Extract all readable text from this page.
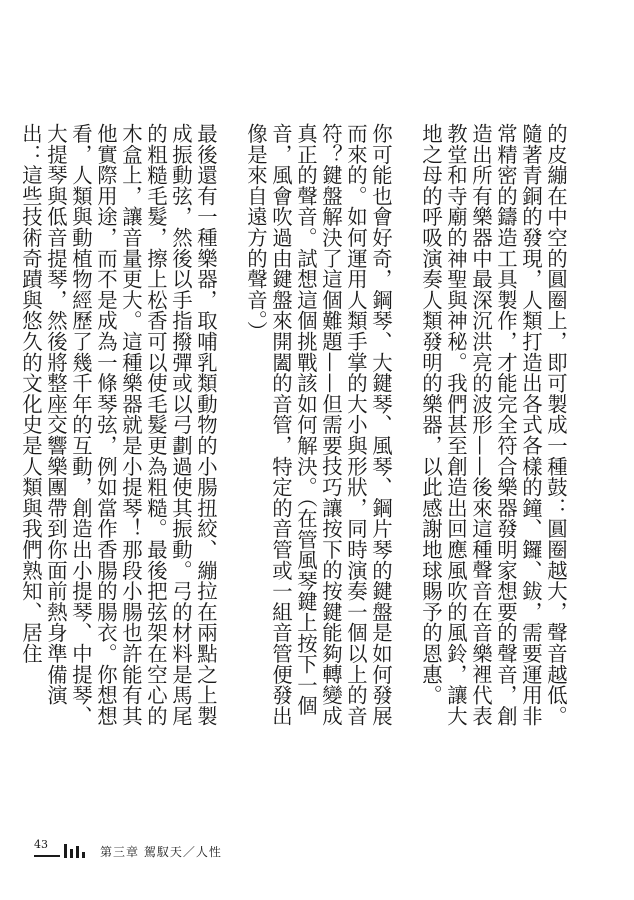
的皮繃在中空的圓圈上，即可製成一種鼓：圓圈越大，聲音越低。隨著青銅的發現，人類打造出各式各樣的鐘、鑼、鈸，需要運用非常精密的鑄造工具製作，才能完全符合樂器發明家想要的聲音，創造出所有樂器中最深沉洪亮的波形——後來這種聲音在音樂裡代表教堂和寺廟的神聖與神秘。我們甚至創造出回應風吹的風鈴，讓大地之母的呼吸演奏人類發明的樂器，以此感謝地球賜予的恩惠。

你可能也會好奇，鋼琴、大鍵琴、風琴、鋼片琴的鍵盤是如何發展而來的。如何運用人類手掌的大小與形狀，同時演奏一個以上的音符？鍵盤解決了這個難題——但需要技巧讓按下的按鍵能夠轉變成真正的聲音。試想這個挑戰該如何解決。（在管風琴鍵上按下一個音，風會吹過由鍵盤來開闔的音管，特定的音管或一組音管便發出像是來自遠方的聲音。）

最後還有一種樂器，取哺乳類動物的小腸扭絞、繃拉在兩點之上製成振動弦，然後以手指撥彈或以弓劃過使其振動。弓的材料是馬尾的粗糙毛髮，擦上松香可以使毛髮更為粗糙。最後把弦架在空心的木盒上，讓音量更大。這種樂器就是小提琴！那段小腸也許能有其他實際用途，而不是成為一條琴弦，例如當作香腸的腸衣。你想想看，人類與動植物經歷了幾千年的互動，創造出小提琴、中提琴、大提琴與低音提琴，然後將整座交響樂團帶到你面前熱身準備演出：這些技術奇蹟與悠久的文化史是人類與我們熟知、居住

43
第三章 駕馭天／人性
